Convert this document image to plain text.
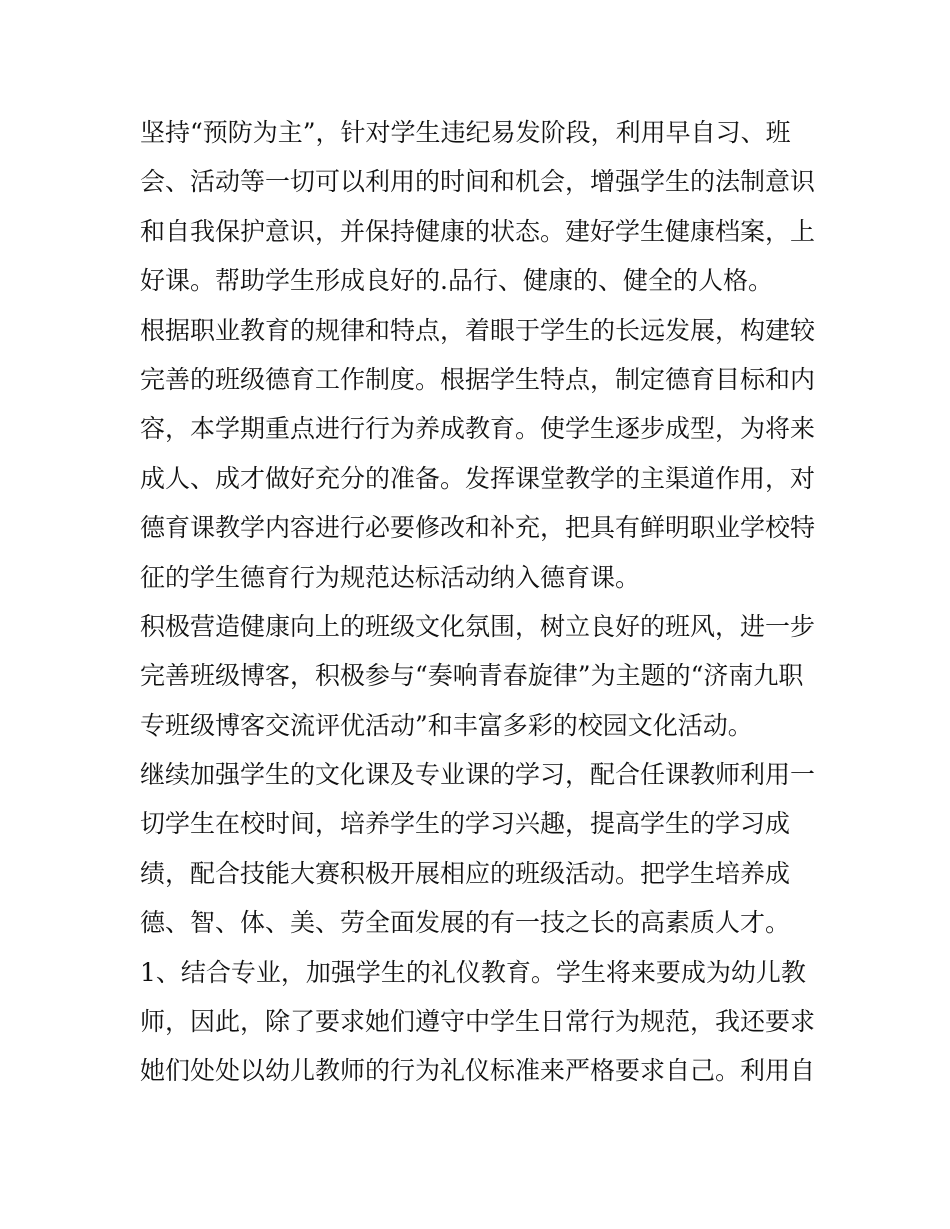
坚持“预防为主”，针对学生违纪易发阶段，利用早自习、班
会、活动等一切可以利用的时间和机会，增强学生的法制意识
和自我保护意识，并保持健康的状态。建好学生健康档案，上
好课。帮助学生形成良好的.品行、健康的、健全的人格。
根据职业教育的规律和特点，着眼于学生的长远发展，构建较
完善的班级德育工作制度。根据学生特点，制定德育目标和内
容，本学期重点进行行为养成教育。使学生逐步成型，为将来
成人、成才做好充分的准备。发挥课堂教学的主渠道作用，对
德育课教学内容进行必要修改和补充，把具有鲜明职业学校特
征的学生德育行为规范达标活动纳入德育课。
积极营造健康向上的班级文化氛围，树立良好的班风，进一步
完善班级博客，积极参与“奏响青春旋律”为主题的“济南九职
专班级博客交流评优活动”和丰富多彩的校园文化活动。
继续加强学生的文化课及专业课的学习，配合任课教师利用一
切学生在校时间，培养学生的学习兴趣，提高学生的学习成
绩，配合技能大赛积极开展相应的班级活动。把学生培养成
德、智、体、美、劳全面发展的有一技之长的高素质人才。
1、结合专业，加强学生的礼仪教育。学生将来要成为幼儿教
师，因此，除了要求她们遵守中学生日常行为规范，我还要求
她们处处以幼儿教师的行为礼仪标准来严格要求自己。利用自
